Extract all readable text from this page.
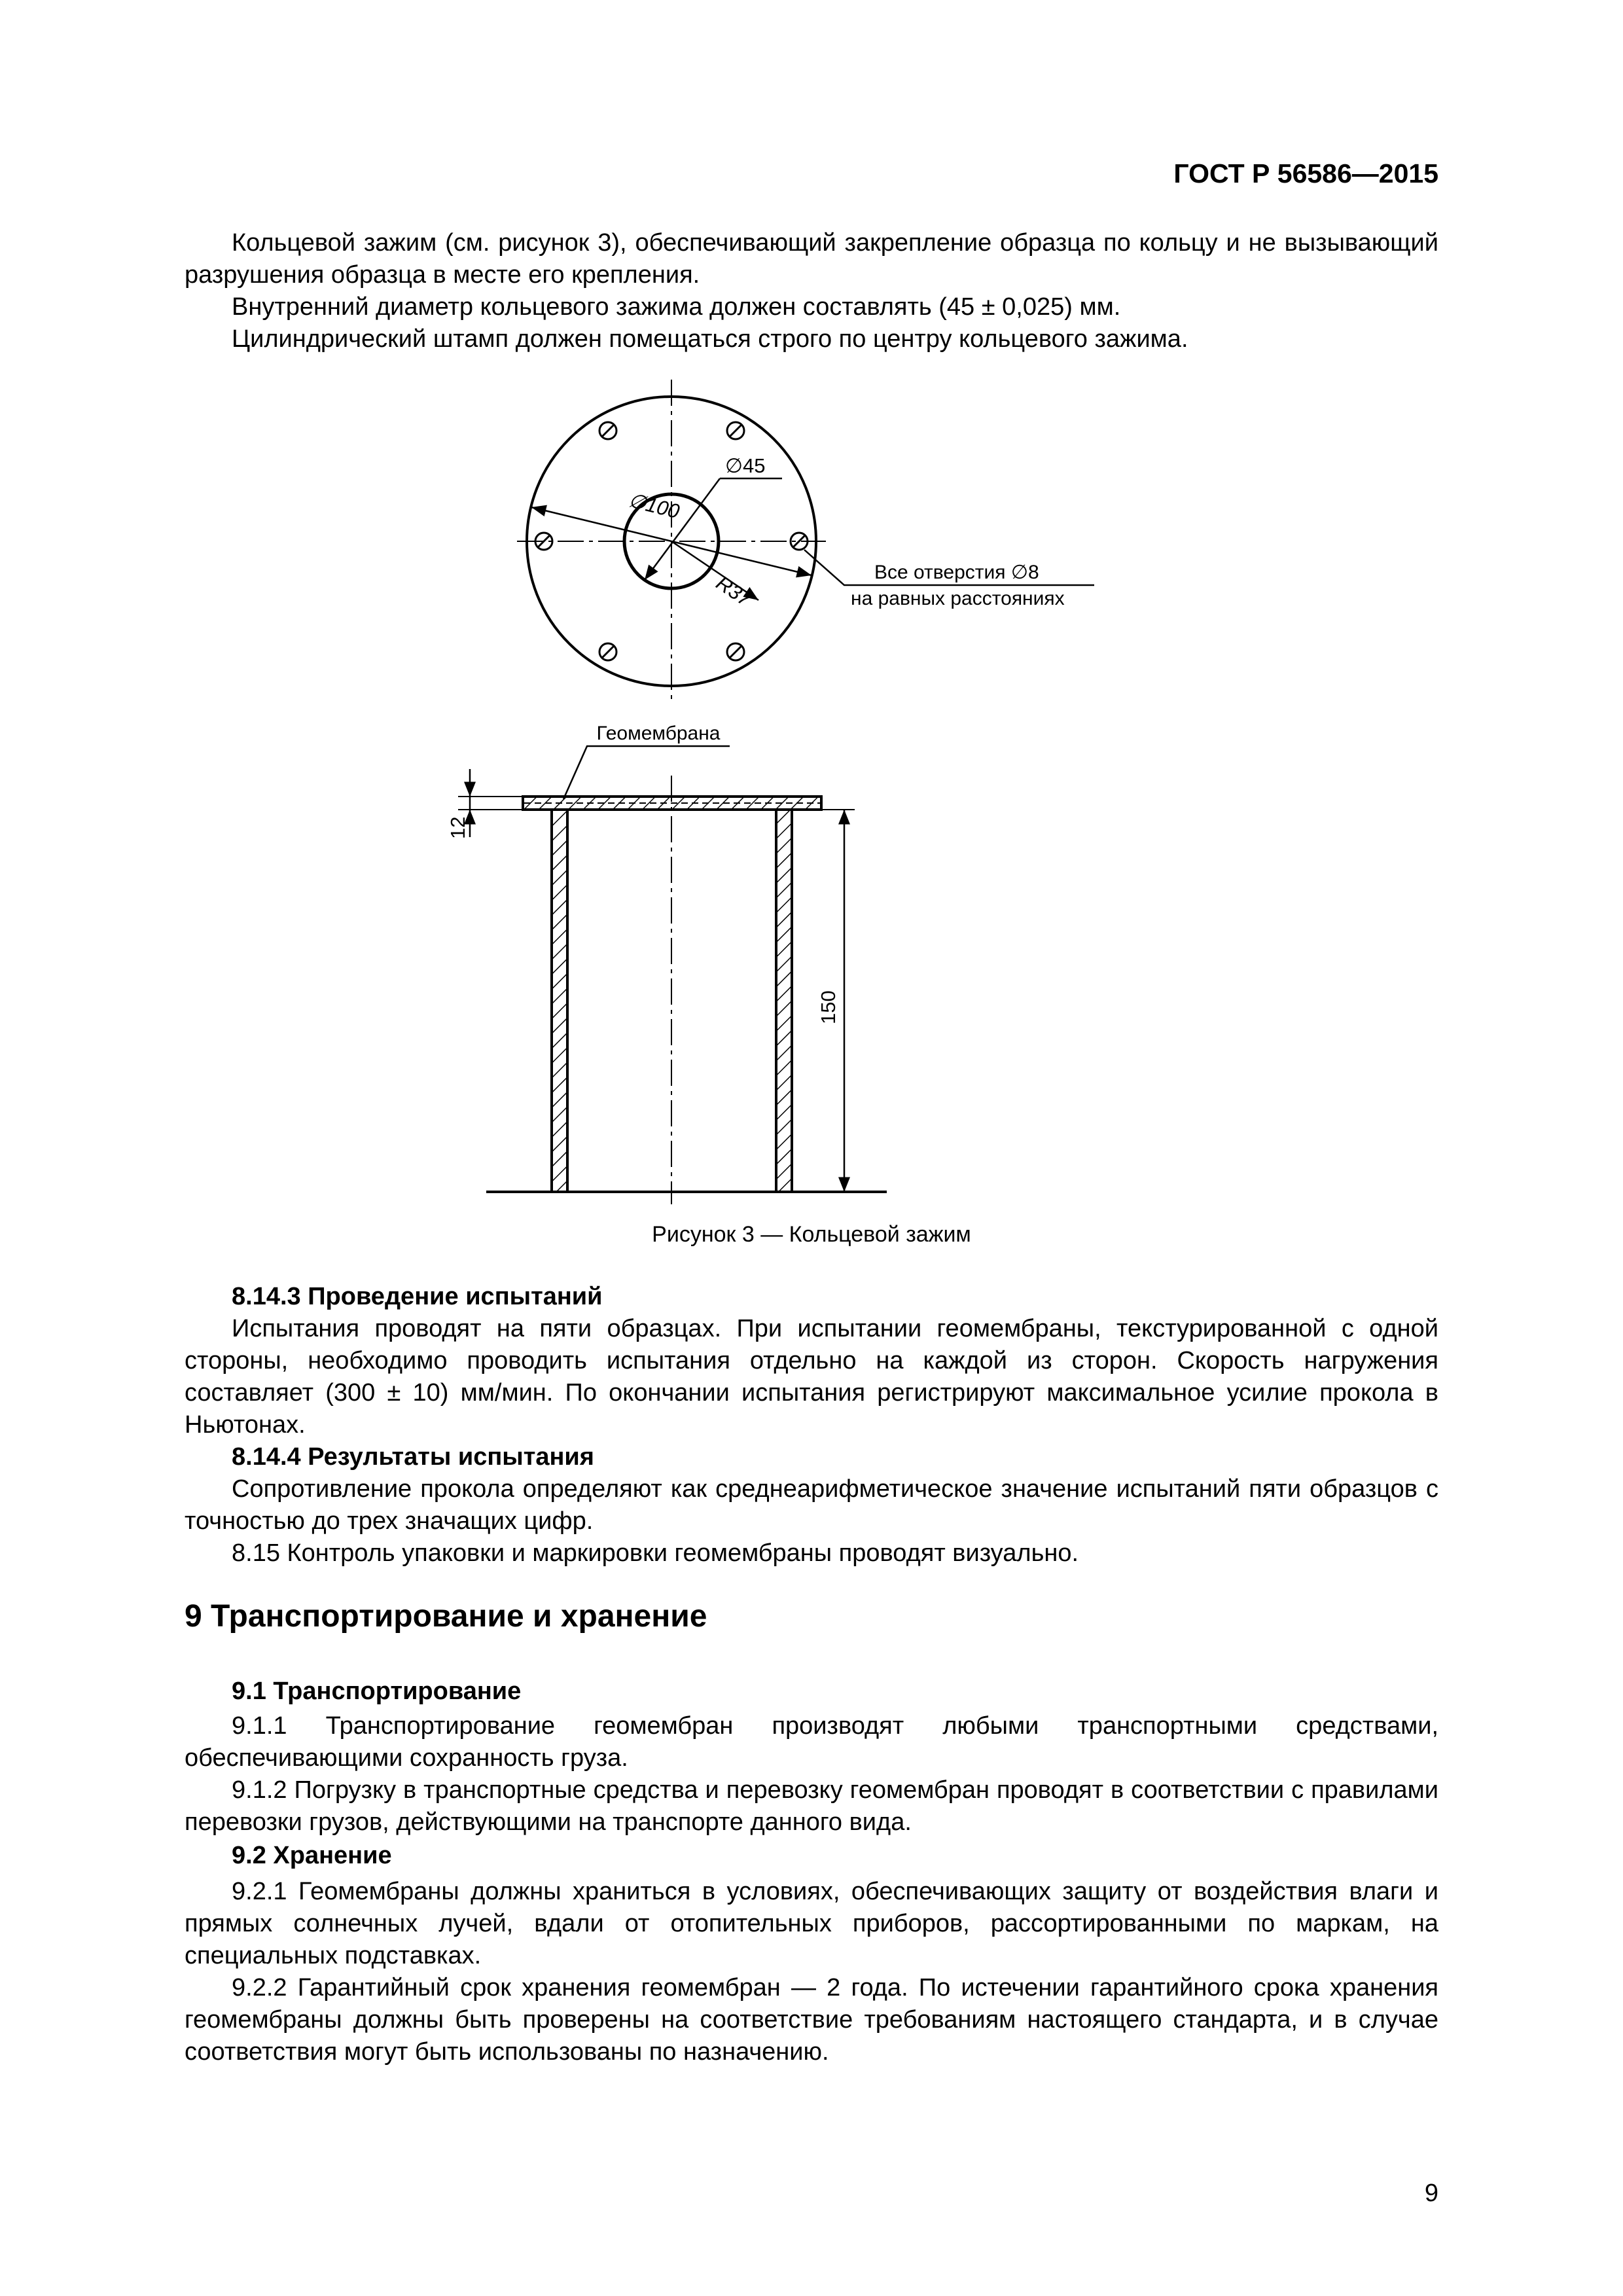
ГОСТ Р 56586—2015
Кольцевой зажим (см. рисунок 3), обеспечивающий закрепление образца по кольцу и не вызывающий разрушения образца в месте его крепления.
Внутренний диаметр кольцевого зажима должен составлять (45 ± 0,025) мм.
Цилиндрический штамп должен помещаться строго по центру кольцевого зажима.
∅100
∅45
R37	Все отверстия ∅8
на равных расстояниях
Геомембрана
12
150
Рисунок 3 — Кольцевой зажим
8.14.3 Проведение испытаний
Испытания проводят на пяти образцах. При испытании геомембраны, текстурированной с одной стороны, необходимо проводить испытания отдельно на каждой из сторон. Скорость нагружения составляет (300 ± 10) мм/мин. По окончании испытания регистрируют максимальное усилие прокола в Ньютонах.
8.14.4 Результаты испытания
Сопротивление прокола определяют как среднеарифметическое значение испытаний пяти образцов с точностью до трех значащих цифр.
8.15 Контроль упаковки и маркировки геомембраны проводят визуально.
9 Транспортирование и хранение
9.1 Транспортирование
9.1.1 Транспортирование геомембран производят любыми транспортными средствами, обеспечивающими сохранность груза.
9.1.2 Погрузку в транспортные средства и перевозку геомембран проводят в соответствии с правилами перевозки грузов, действующими на транспорте данного вида.
9.2 Хранение
9.2.1 Геомембраны должны храниться в условиях, обеспечивающих защиту от воздействия влаги и прямых солнечных лучей, вдали от отопительных приборов, рассортированными по маркам, на специальных подставках.
9.2.2 Гарантийный срок хранения геомембран — 2 года. По истечении гарантийного срока хранения геомембраны должны быть проверены на соответствие требованиям настоящего стандарта, и в случае соответствия могут быть использованы по назначению.
9
